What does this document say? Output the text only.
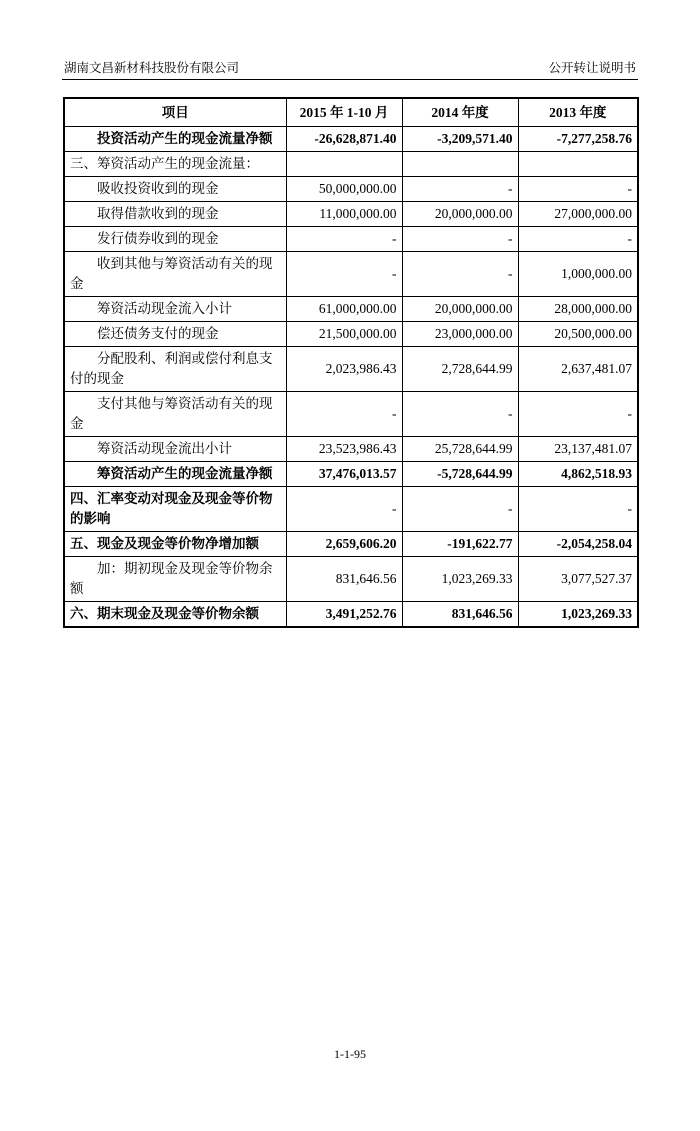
湖南文昌新材科技股份有限公司	公开转让说明书
项目	2015 年 1-10 月	2014 年度	2013 年度
投资活动产生的现金流量净额	-26,628,871.40	-3,209,571.40	-7,277,258.76
三、筹资活动产生的现金流量：			
吸收投资收到的现金	50,000,000.00	-	-
取得借款收到的现金	11,000,000.00	20,000,000.00	27,000,000.00
发行债券收到的现金	-	-	-
收到其他与筹资活动有关的现金	-	-	1,000,000.00
筹资活动现金流入小计	61,000,000.00	20,000,000.00	28,000,000.00
偿还债务支付的现金	21,500,000.00	23,000,000.00	20,500,000.00
分配股利、利润或偿付利息支付的现金	2,023,986.43	2,728,644.99	2,637,481.07
支付其他与筹资活动有关的现金	-	-	-
筹资活动现金流出小计	23,523,986.43	25,728,644.99	23,137,481.07
筹资活动产生的现金流量净额	37,476,013.57	-5,728,644.99	4,862,518.93
四、汇率变动对现金及现金等价物的影响	-	-	-
五、现金及现金等价物净增加额	2,659,606.20	-191,622.77	-2,054,258.04
加：期初现金及现金等价物余额	831,646.56	1,023,269.33	3,077,527.37
六、期末现金及现金等价物余额	3,491,252.76	831,646.56	1,023,269.33
1-1-95
